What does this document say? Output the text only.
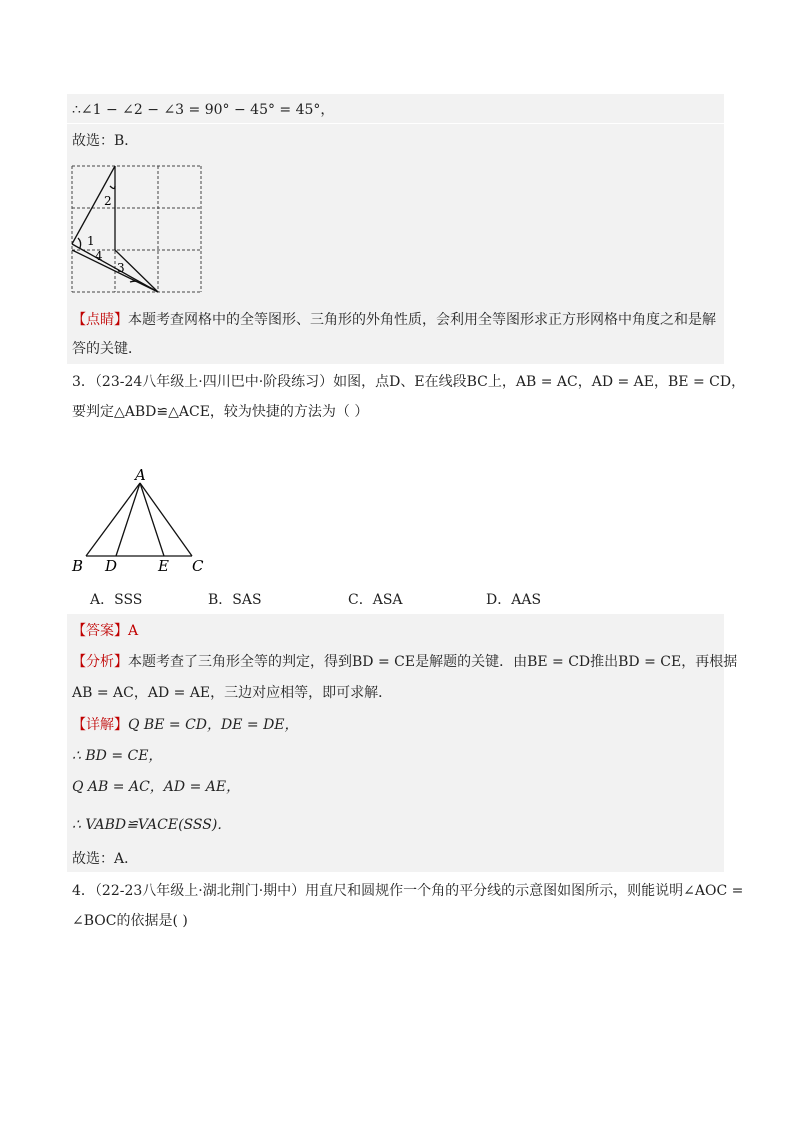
∴∠1 − ∠2 − ∠3 = 90° − 45° = 45°，
故选：B．
2
1
4
3
【点睛】本题考查网格中的全等图形、三角形的外角性质，会利用全等图形求正方形网格中角度之和是解
答的关键．
3．（23-24八年级上·四川巴中·阶段练习）如图，点D、E在线段BC上，AB = AC，AD = AE，BE = CD，
要判定△ABD≌△ACE，较为快捷的方法为（ ）
A
B D	E C
A．SSS	B．SAS	C．ASA	D．AAS
【答案】A
【分析】本题考查了三角形全等的判定，得到BD = CE是解题的关键．由BE = CD推出BD = CE，再根据
AB = AC，AD = AE，三边对应相等，即可求解．
【详解】Q BE = CD，DE = DE，
∴ BD = CE，
Q AB = AC，AD = AE，
∴ VABD≌VACE(SSS)．
故选：A．
4．（22-23八年级上·湖北荆门·期中）用直尺和圆规作一个角的平分线的示意图如图所示，则能说明∠AOC =
∠BOC的依据是( )
